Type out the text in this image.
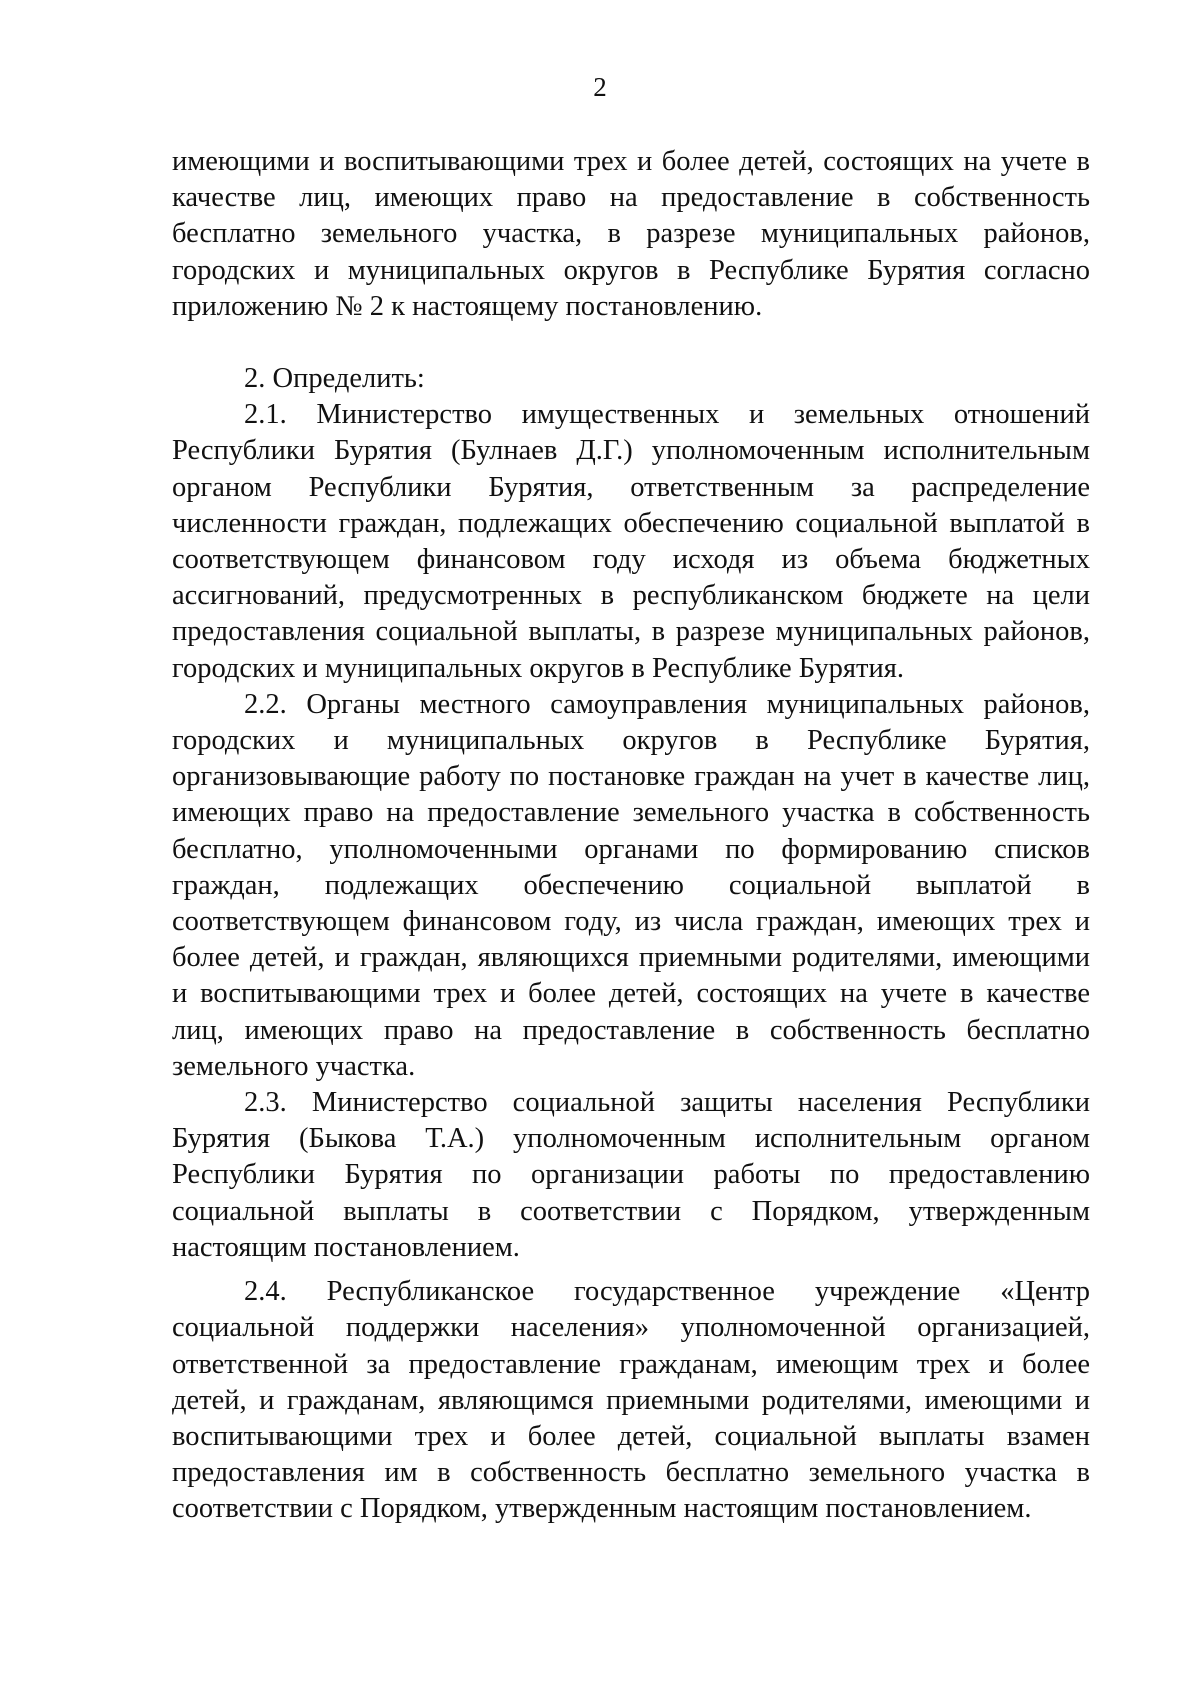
2

имеющими и воспитывающими трех и более детей, состоящих на учете в качестве лиц, имеющих право на предоставление в собственность бесплатно земельного участка, в разрезе муниципальных районов, городских и муниципальных округов в Республике Бурятия согласно приложению № 2 к настоящему постановлению.

2. Определить:

2.1. Министерство имущественных и земельных отношений Республики Бурятия (Булнаев Д.Г.) уполномоченным исполнительным органом Республики Бурятия, ответственным за распределение численности граждан, подлежащих обеспечению социальной выплатой в соответствующем финансовом году исходя из объема бюджетных ассигнований, предусмотренных в республиканском бюджете на цели предоставления социальной выплаты, в разрезе муниципальных районов, городских и муниципальных округов в Республике Бурятия.

2.2. Органы местного самоуправления муниципальных районов, городских и муниципальных округов в Республике Бурятия, организовывающие работу по постановке граждан на учет в качестве лиц, имеющих право на предоставление земельного участка в собственность бесплатно, уполномоченными органами по формированию списков граждан, подлежащих обеспечению социальной выплатой в соответствующем финансовом году, из числа граждан, имеющих трех и более детей, и граждан, являющихся приемными родителями, имеющими и воспитывающими трех и более детей, состоящих на учете в качестве лиц, имеющих право на предоставление в собственность бесплатно земельного участка.

2.3. Министерство социальной защиты населения Республики Бурятия (Быкова Т.А.) уполномоченным исполнительным органом Республики Бурятия по организации работы по предоставлению социальной выплаты в соответствии с Порядком, утвержденным настоящим постановлением.

2.4. Республиканское государственное учреждение «Центр социальной поддержки населения» уполномоченной организацией, ответственной за предоставление гражданам, имеющим трех и более детей, и гражданам, являющимся приемными родителями, имеющими и воспитывающими трех и более детей, социальной выплаты взамен предоставления им в собственность бесплатно земельного участка в соответствии с Порядком, утвержденным настоящим постановлением.
